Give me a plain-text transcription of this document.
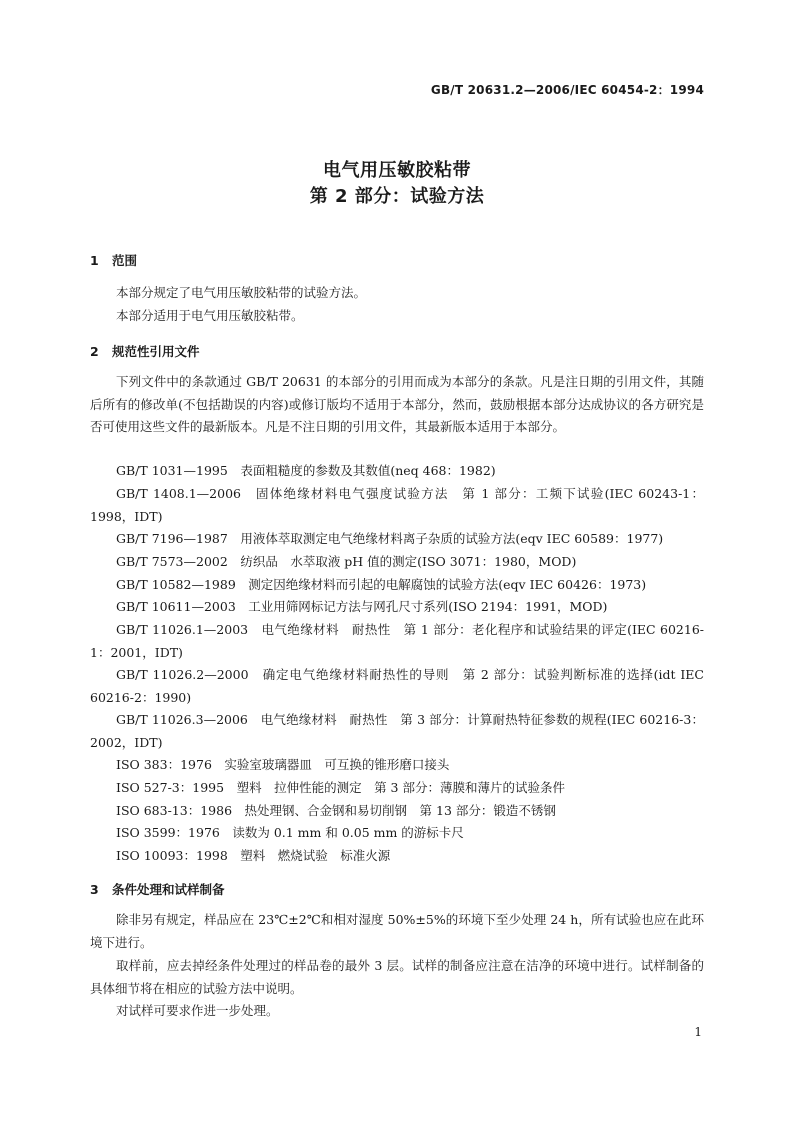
GB/T 20631.2—2006/IEC 60454-2：1994
电气用压敏胶粘带
第 2 部分：试验方法
1 范围
本部分规定了电气用压敏胶粘带的试验方法。
本部分适用于电气用压敏胶粘带。
2 规范性引用文件
下列文件中的条款通过 GB/T 20631 的本部分的引用而成为本部分的条款。凡是注日期的引用文件，其随后所有的修改单(不包括勘误的内容)或修订版均不适用于本部分，然而，鼓励根据本部分达成协议的各方研究是否可使用这些文件的最新版本。凡是不注日期的引用文件，其最新版本适用于本部分。
GB/T 1031—1995　表面粗糙度的参数及其数值(neq 468：1982)
GB/T 1408.1—2006　固体绝缘材料电气强度试验方法　第 1 部分：工频下试验(IEC 60243-1：1998，IDT)
GB/T 7196—1987　用液体萃取测定电气绝缘材料离子杂质的试验方法(eqv IEC 60589：1977)
GB/T 7573—2002　纺织品　水萃取液 pH 值的测定(ISO 3071：1980，MOD)
GB/T 10582—1989　测定因绝缘材料而引起的电解腐蚀的试验方法(eqv IEC 60426：1973)
GB/T 10611—2003　工业用筛网标记方法与网孔尺寸系列(ISO 2194：1991，MOD)
GB/T 11026.1—2003　电气绝缘材料　耐热性　第 1 部分：老化程序和试验结果的评定(IEC 60216-1：2001，IDT)
GB/T 11026.2—2000　确定电气绝缘材料耐热性的导则　第 2 部分：试验判断标准的选择(idt IEC 60216-2：1990)
GB/T 11026.3—2006　电气绝缘材料　耐热性　第 3 部分：计算耐热特征参数的规程(IEC 60216-3：2002，IDT)
ISO 383：1976　实验室玻璃器皿　可互换的锥形磨口接头
ISO 527-3：1995　塑料　拉伸性能的测定　第 3 部分：薄膜和薄片的试验条件
ISO 683-13：1986　热处理钢、合金钢和易切削钢　第 13 部分：锻造不锈钢
ISO 3599：1976　读数为 0.1 mm 和 0.05 mm 的游标卡尺
ISO 10093：1998　塑料　燃烧试验　标准火源
3 条件处理和试样制备
除非另有规定，样品应在 23℃±2℃和相对湿度 50%±5%的环境下至少处理 24 h，所有试验也应在此环境下进行。
取样前，应去掉经条件处理过的样品卷的最外 3 层。试样的制备应注意在洁净的环境中进行。试样制备的具体细节将在相应的试验方法中说明。
对试样可要求作进一步处理。
1
